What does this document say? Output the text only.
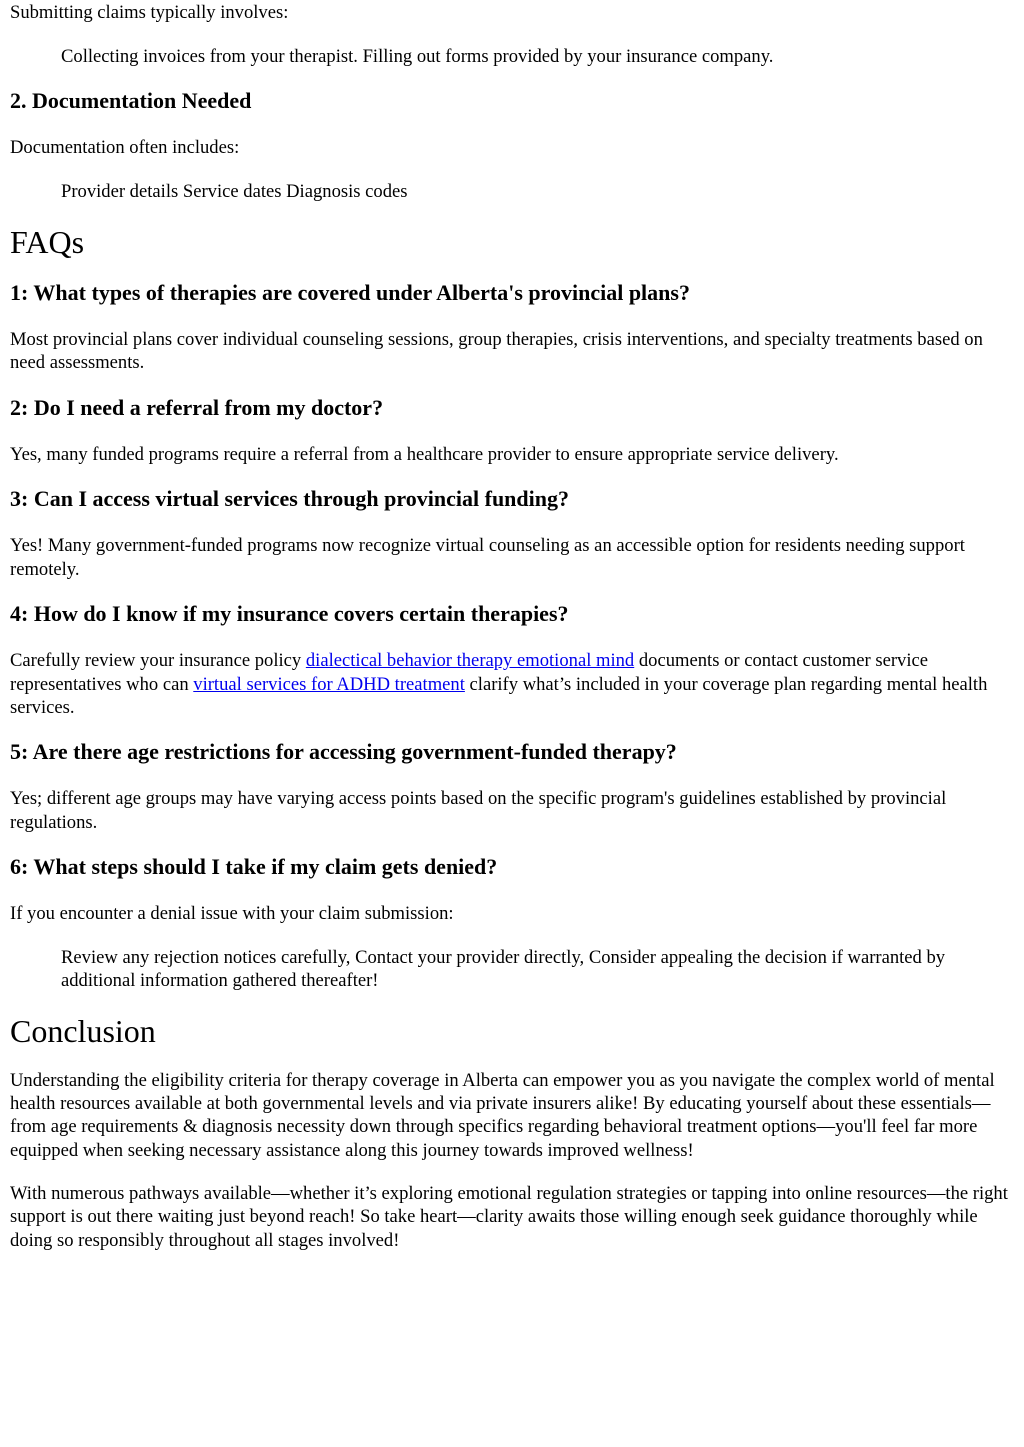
Submitting claims typically involves:

Collecting invoices from your therapist. Filling out forms provided by your insurance company.

2. Documentation Needed

Documentation often includes:

Provider details Service dates Diagnosis codes

FAQs
1: What types of therapies are covered under Alberta's provincial plans?

Most provincial plans cover individual counseling sessions, group therapies, crisis interventions, and specialty treatments based on need assessments.

2: Do I need a referral from my doctor?

Yes, many funded programs require a referral from a healthcare provider to ensure appropriate service delivery.

3: Can I access virtual services through provincial funding?

Yes! Many government-funded programs now recognize virtual counseling as an accessible option for residents needing support remotely.

4: How do I know if my insurance covers certain therapies?

Carefully review your insurance policy dialectical behavior therapy emotional mind documents or contact customer service representatives who can virtual services for ADHD treatment clarify what’s included in your coverage plan regarding mental health services.

5: Are there age restrictions for accessing government-funded therapy?

Yes; different age groups may have varying access points based on the specific program's guidelines established by provincial regulations.

6: What steps should I take if my claim gets denied?

If you encounter a denial issue with your claim submission:

Review any rejection notices carefully, Contact your provider directly, Consider appealing the decision if warranted by additional information gathered thereafter!

Conclusion

Understanding the eligibility criteria for therapy coverage in Alberta can empower you as you navigate the complex world of mental health resources available at both governmental levels and via private insurers alike! By educating yourself about these essentials—from age requirements & diagnosis necessity down through specifics regarding behavioral treatment options—you'll feel far more equipped when seeking necessary assistance along this journey towards improved wellness!

With numerous pathways available—whether it’s exploring emotional regulation strategies or tapping into online resources—the right support is out there waiting just beyond reach! So take heart—clarity awaits those willing enough seek guidance thoroughly while doing so responsibly throughout all stages involved!
